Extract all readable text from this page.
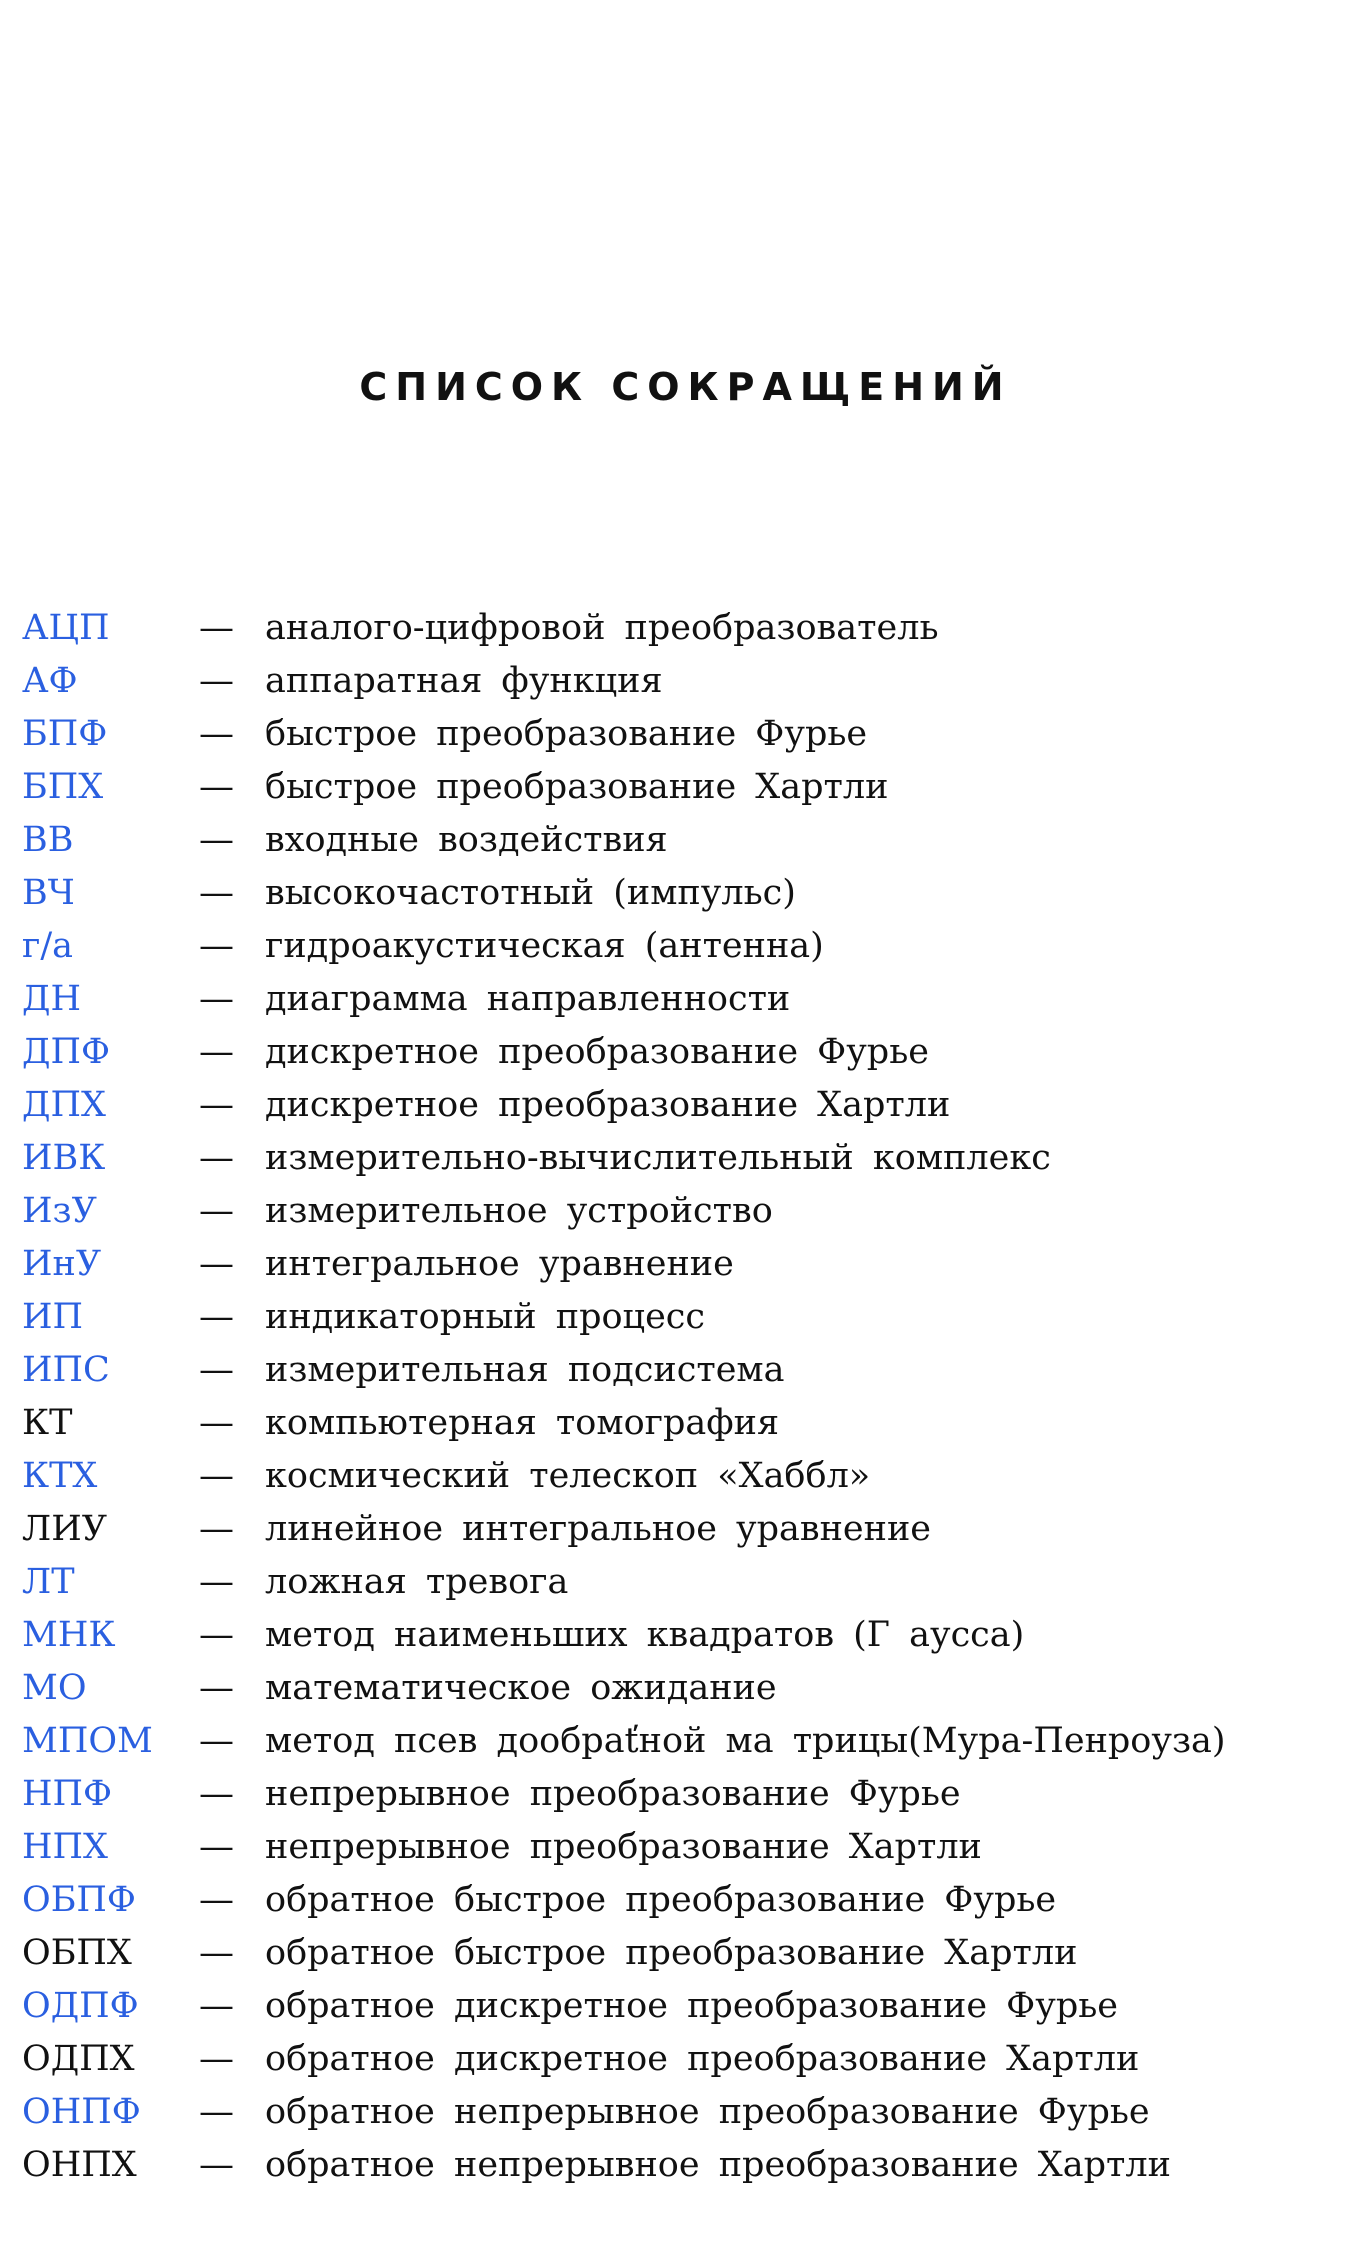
СПИСОК СОКРАЩЕНИЙ
АЦП	— аналого-цифровой преобразователь
АФ	— аппаратная функция
БПФ	— быстрое преобразование Фурье
БПХ	— быстрое преобразование Хартли
ВВ	— входные воздействия
ВЧ	— высокочастотный (импульс)
г/а	— гидроакустическая (антенна)
ДН	— диаграмма направленности
ДПФ	— дискретное преобразование Фурье
ДПХ	— дискретное преобразование Хартли
ИВК	— измерительно-вычислительный комплекс
ИзУ	— измерительное устройство
ИнУ	— интегральное уравнение
ИП	— индикаторный процесс
ИПС	— измерительная подсистема
КТ	— компьютерная томография
КТХ	— космический телескоп «Хаббл»
ЛИУ	— линейное интегральное уравнение
ЛТ	— ложная тревога
МНК	— метод наименьших квадратов (Г аусса)
МО	— математическое ожидание
МПОМ	— метод псев дообраťной ма трицы(Мура-Пенроуза)
НПФ	— непрерывное преобразование Фурье
НПХ	— непрерывное преобразование Хартли
ОБПФ	— обратное быстрое преобразование Фурье
ОБПХ	— обратное быстрое преобразование Хартли
ОДПФ	— обратное дискретное преобразование Фурье
ОДПХ	— обратное дискретное преобразование Хартли
ОНПФ	— обратное непрерывное преобразование Фурье
ОНПХ	— обратное непрерывное преобразование Хартли
